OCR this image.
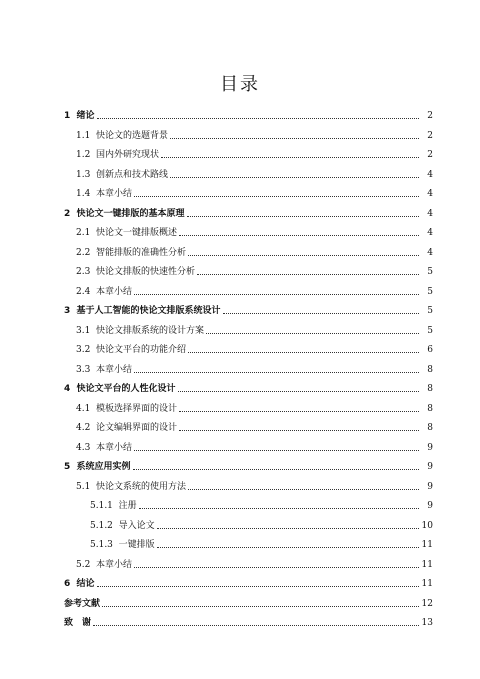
目录
1  绪论	2
1.1  快论文的选题背景	2
1.2  国内外研究现状	2
1.3  创新点和技术路线	4
1.4  本章小结	4
2  快论文一键排版的基本原理	4
2.1  快论文一键排版概述	4
2.2  智能排版的准确性分析	4
2.3  快论文排版的快速性分析	5
2.4  本章小结	5
3  基于人工智能的快论文排版系统设计	5
3.1  快论文排版系统的设计方案	5
3.2  快论文平台的功能介绍	6
3.3  本章小结	8
4  快论文平台的人性化设计	8
4.1  模板选择界面的设计	8
4.2  论文编辑界面的设计	8
4.3  本章小结	9
5  系统应用实例	9
5.1  快论文系统的使用方法	9
5.1.1  注册	9
5.1.2  导入论文	10
5.1.3  一键排版	11
5.2  本章小结	11
6  结论	11
参考文献	12
致　谢	13
